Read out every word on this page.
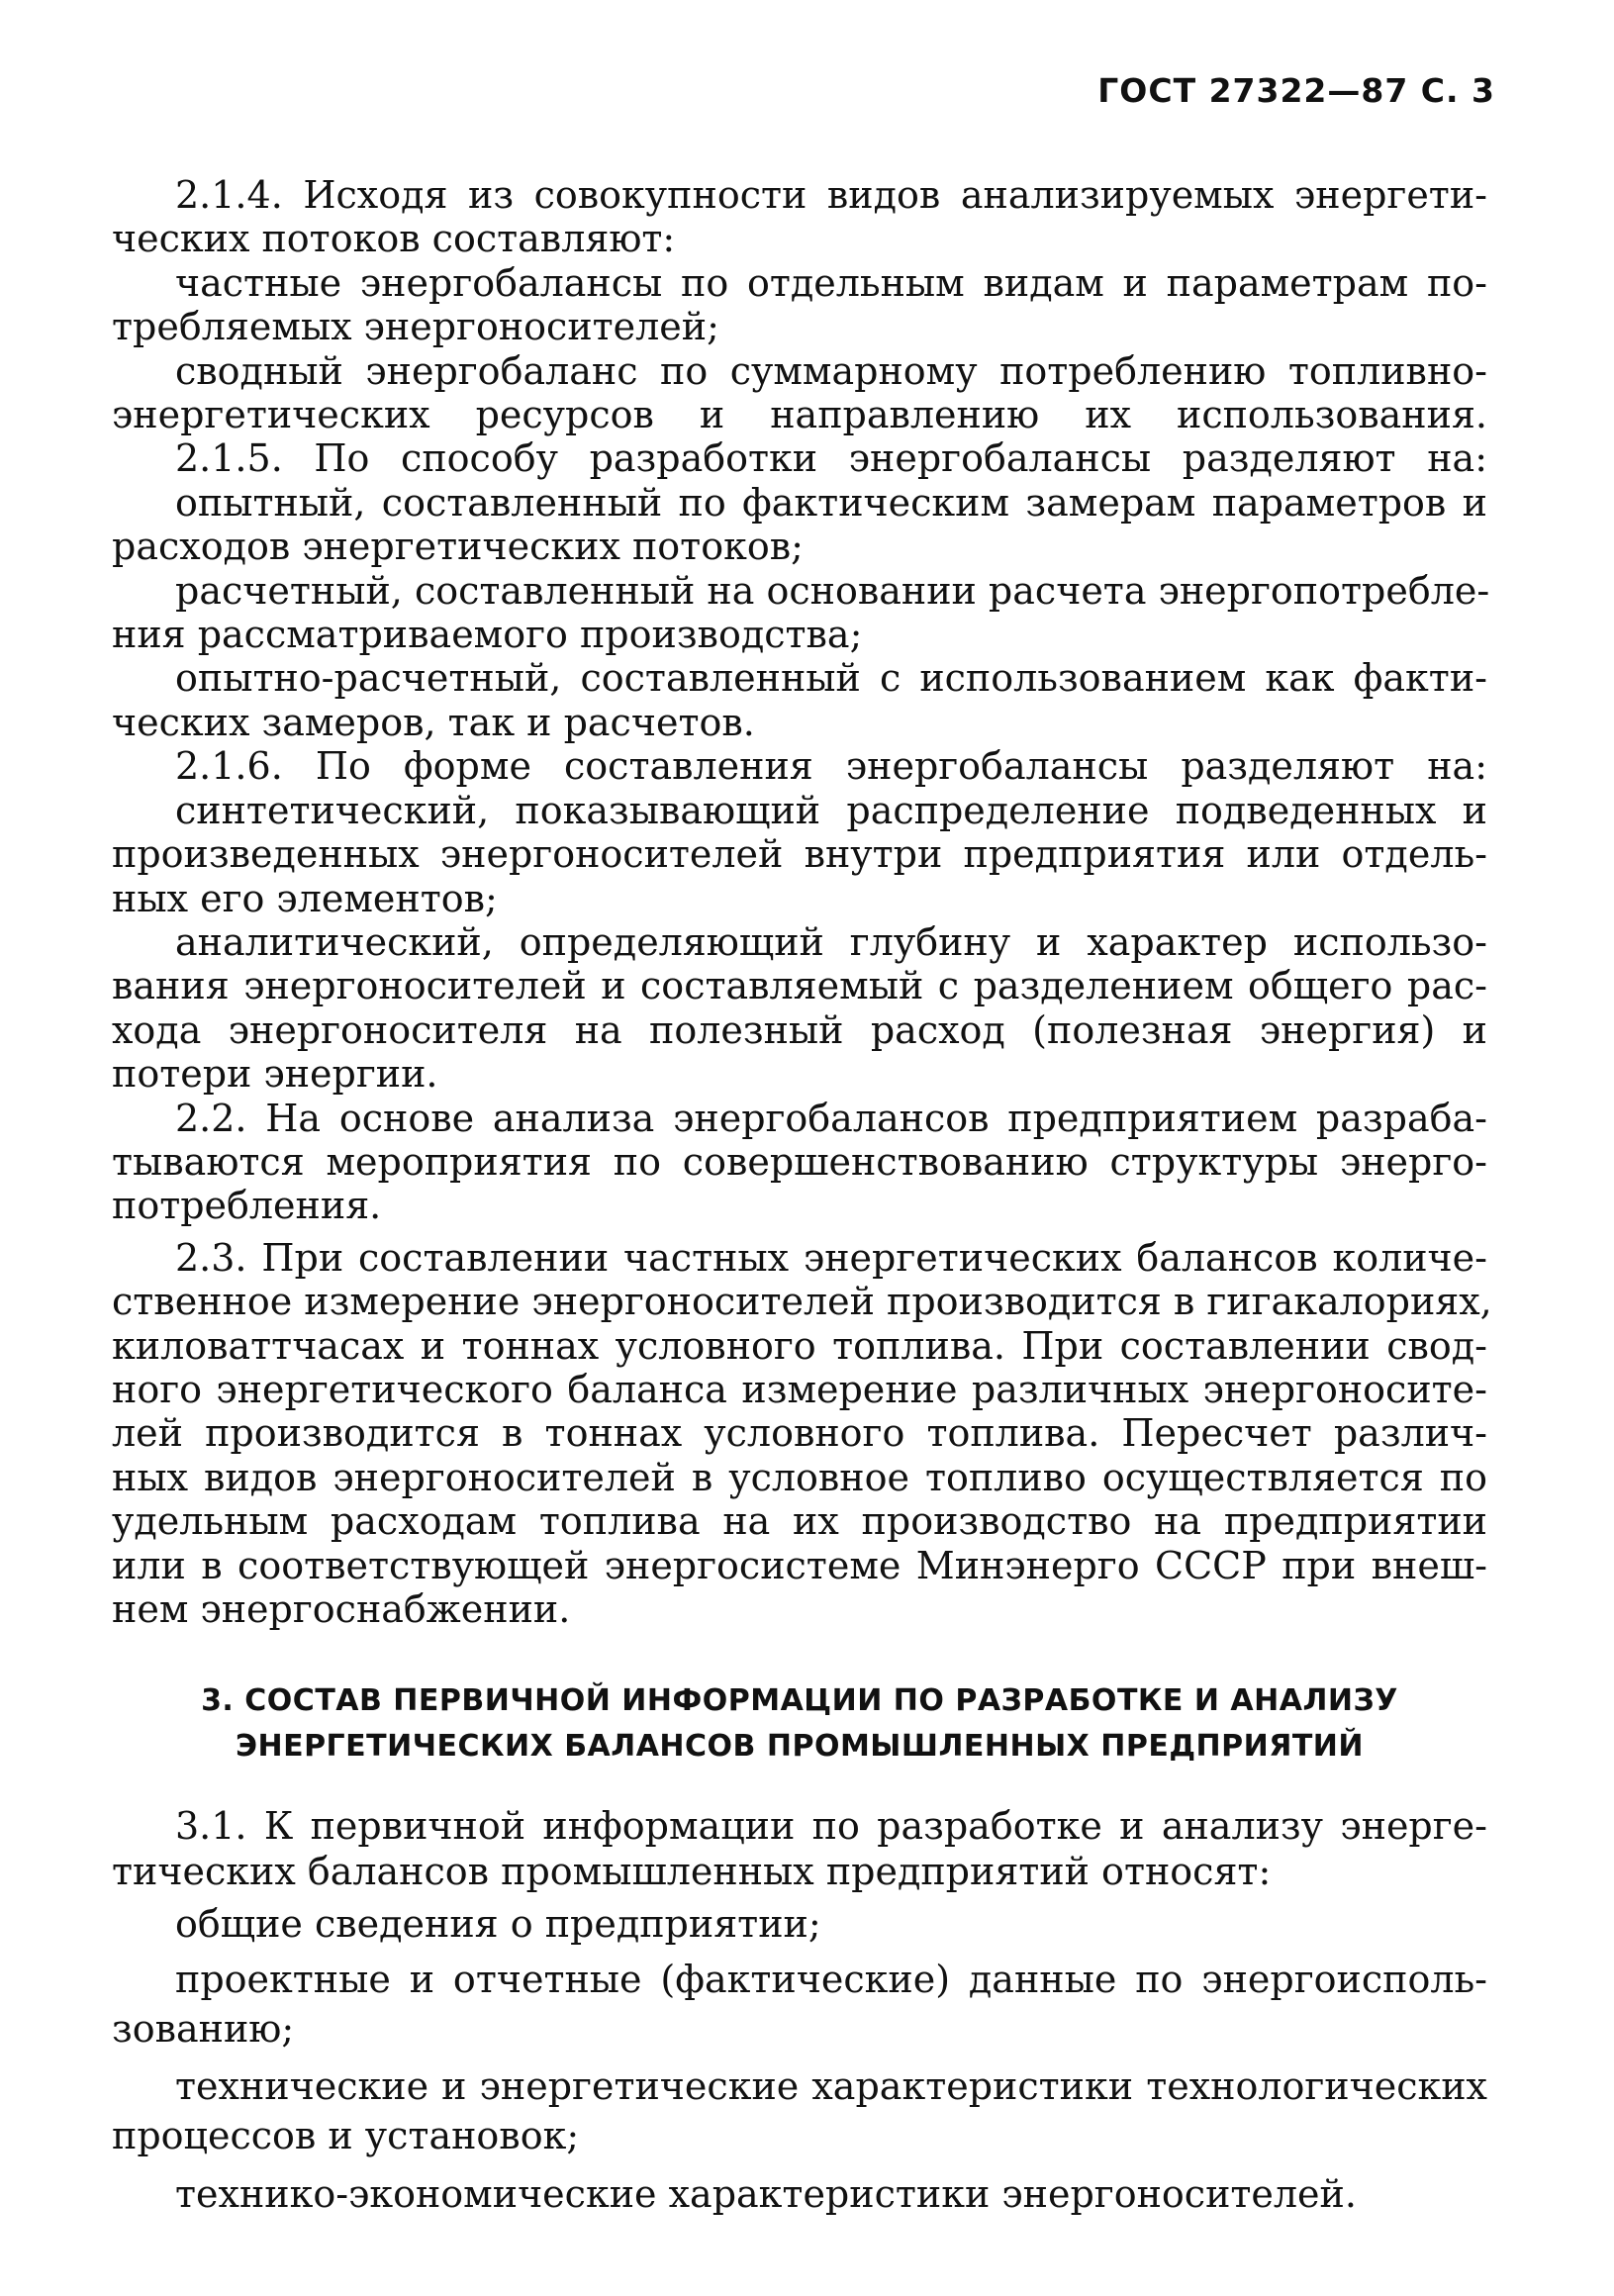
ГОСТ 27322—87 С. 3
2.1.4. Исходя из совокупности видов анализируемых энергети-
ческих потоков составляют:
частные энергобалансы по отдельным видам и параметрам по-
требляемых энергоносителей;
сводный энергобаланс по суммарному потреблению топливно-
энергетических ресурсов и направлению их использования.
2.1.5. По способу разработки энергобалансы разделяют на:
опытный, составленный по фактическим замерам параметров и
расходов энергетических потоков;
расчетный, составленный на основании расчета энергопотребле-
ния рассматриваемого производства;
опытно-расчетный, составленный с использованием как факти-
ческих замеров, так и расчетов.
2.1.6. По форме составления энергобалансы разделяют на:
синтетический, показывающий распределение подведенных и
произведенных энергоносителей внутри предприятия или отдель-
ных его элементов;
аналитический, определяющий глубину и характер использо-
вания энергоносителей и составляемый с разделением общего рас-
хода энергоносителя на полезный расход (полезная энергия) и
потери энергии.
2.2. На основе анализа энергобалансов предприятием разраба-
тываются мероприятия по совершенствованию структуры энерго-
потребления.
2.3. При составлении частных энергетических балансов количе-
ственное измерение энергоносителей производится в гигакалориях,
киловаттчасах и тоннах условного топлива. При составлении свод-
ного энергетического баланса измерение различных энергоносите-
лей производится в тоннах условного топлива. Пересчет различ-
ных видов энергоносителей в условное топливо осуществляется по
удельным расходам топлива на их производство на предприятии
или в соответствующей энергосистеме Минэнерго СССР при внеш-
нем энергоснабжении.
3. СОСТАВ ПЕРВИЧНОЙ ИНФОРМАЦИИ ПО РАЗРАБОТКЕ И АНАЛИЗУ
ЭНЕРГЕТИЧЕСКИХ БАЛАНСОВ ПРОМЫШЛЕННЫХ ПРЕДПРИЯТИЙ
3.1. К первичной информации по разработке и анализу энерге-
тических балансов промышленных предприятий относят:
общие сведения о предприятии;
проектные и отчетные (фактические) данные по энергоисполь-
зованию;
технические и энергетические характеристики технологических
процессов и установок;
технико-экономические характеристики энергоносителей.
